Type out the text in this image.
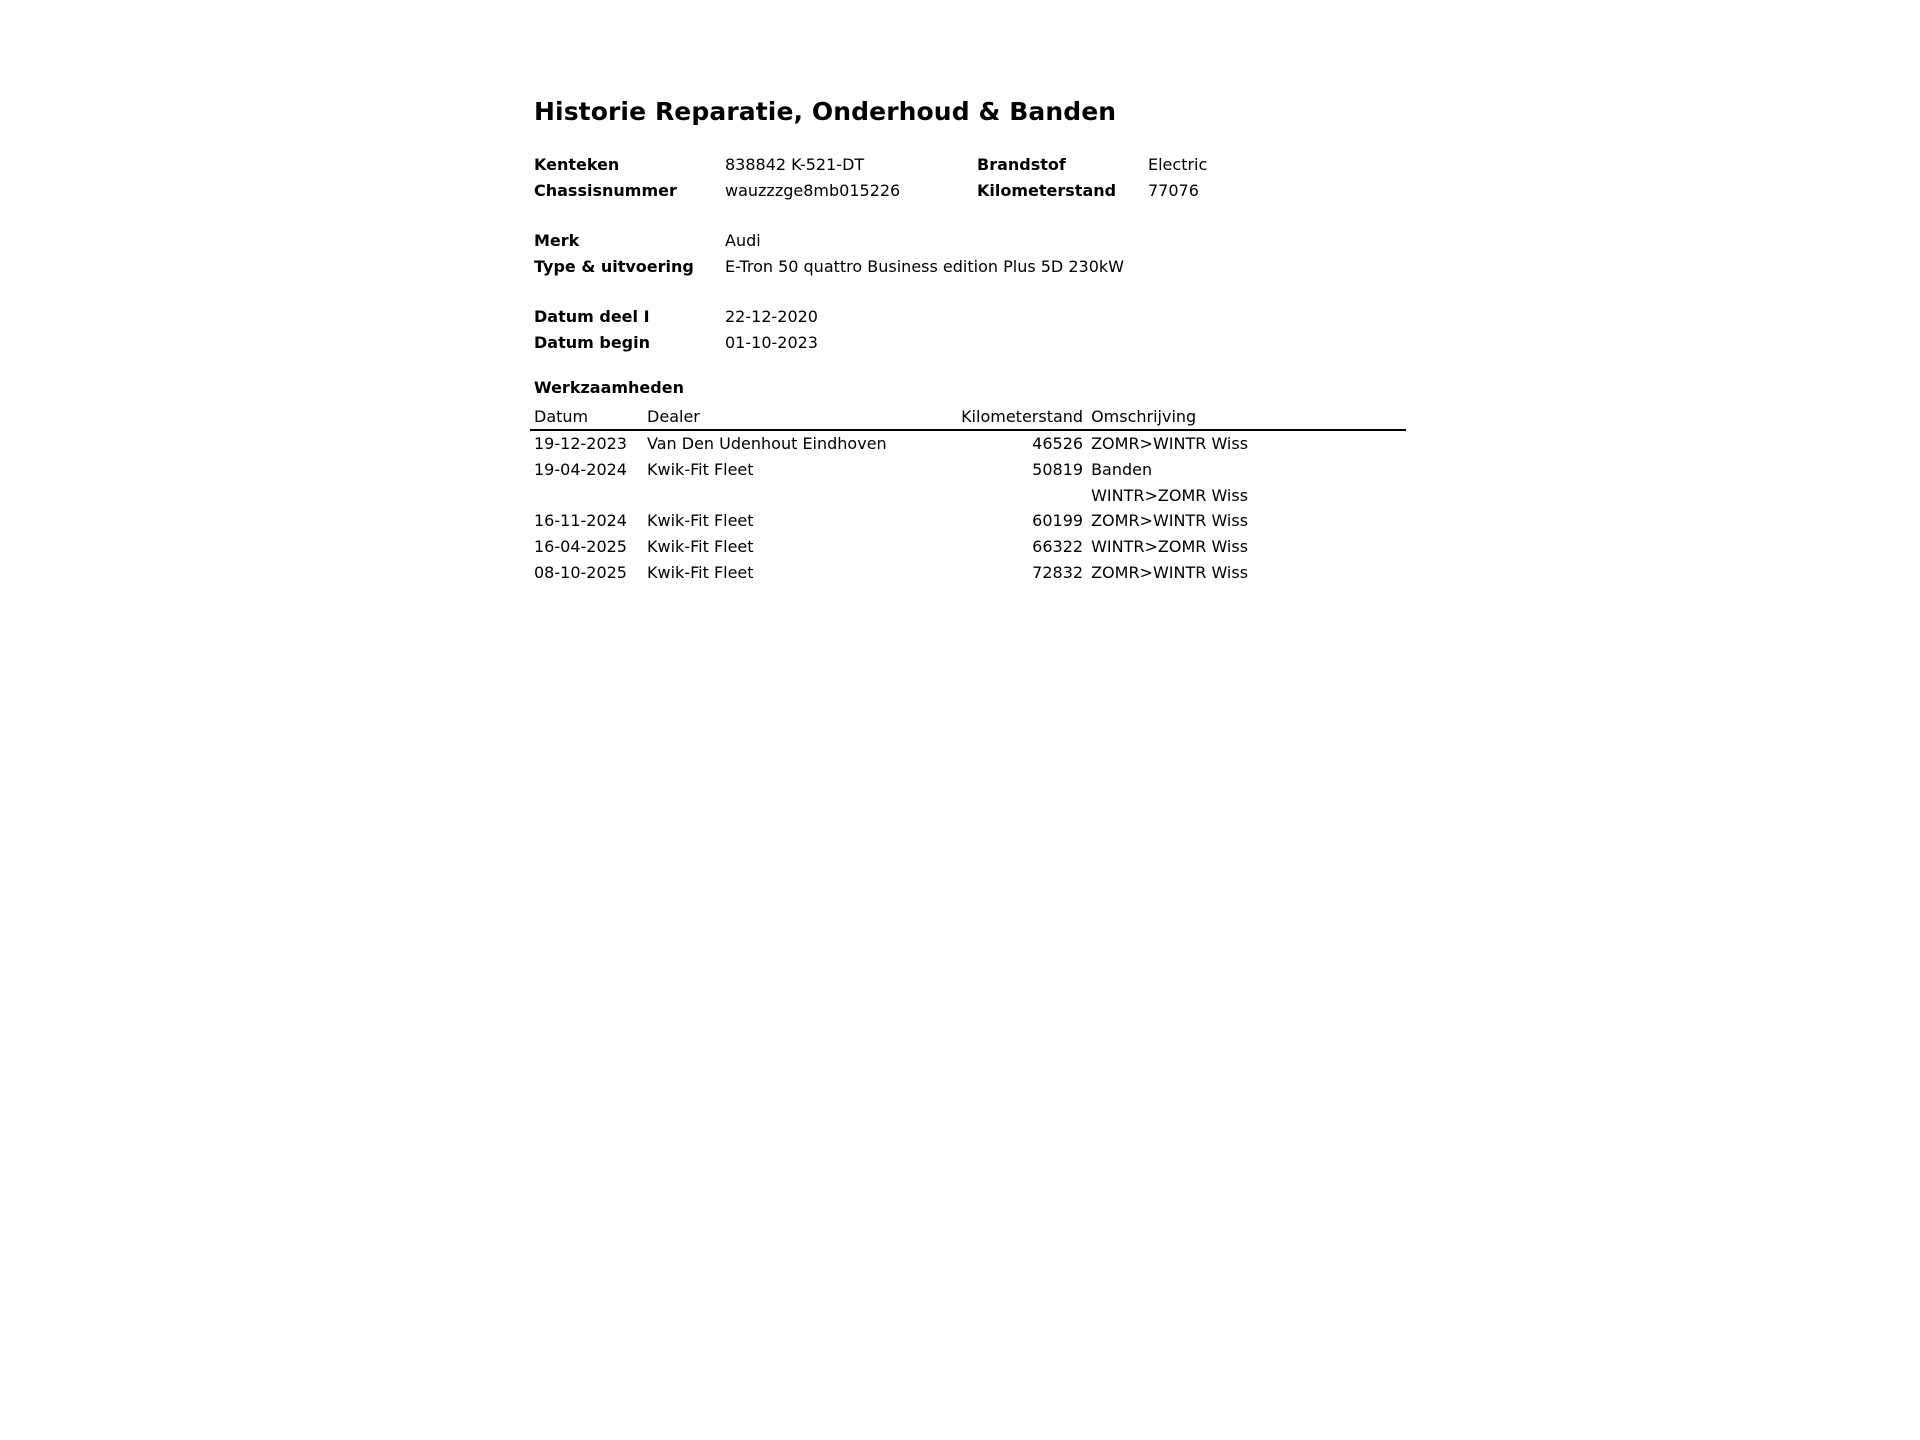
Historie Reparatie, Onderhoud & Banden
Kenteken	838842 K-521-DT	Brandstof	Electric
Chassisnummer	wauzzzge8mb015226	Kilometerstand 77076
Merk	Audi
Type & uitvoering E-Tron 50 quattro Business edition Plus 5D 230kW
Datum deel I	22-12-2020
Datum begin	01-10-2023
Werkzaamheden
Datum	Dealer	Kilometerstand	Omschrijving
19-12-2023	Van Den Udenhout Eindhoven	46526	ZOMR>WINTR Wiss
19-04-2024	Kwik-Fit Fleet	50819	Banden
			WINTR>ZOMR Wiss
16-11-2024	Kwik-Fit Fleet	60199	ZOMR>WINTR Wiss
16-04-2025	Kwik-Fit Fleet	66322	WINTR>ZOMR Wiss
08-10-2025	Kwik-Fit Fleet	72832	ZOMR>WINTR Wiss
